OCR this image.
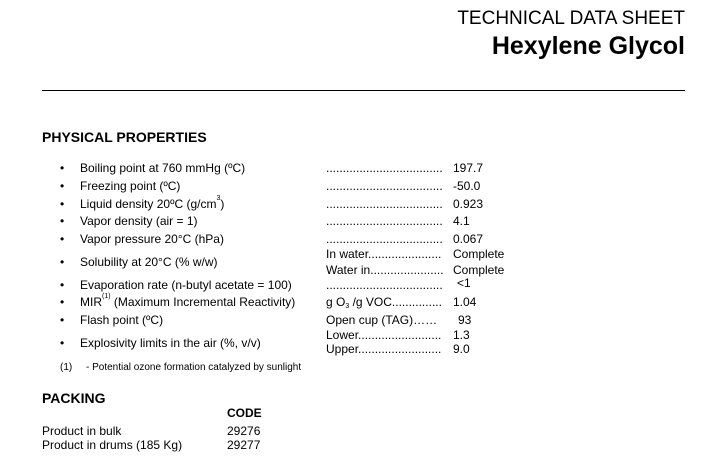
TECHNICAL DATA SHEET
Hexylene Glycol
PHYSICAL PROPERTIES
• Boiling point at 760 mmHg (ºC)	................................... 197.7
• Freezing point (ºC)	................................... -50.0
• Liquid density 20ºC $(g/cm^3)$	................................... 0.923
• Vapor density (air = 1)	................................... 4.1
• Vapor pressure 20°C (hPa)	................................... 0.067
• Solubility at 20°C (% w/w)
In water...................... Complete
Water in...................... Complete
• Evaporation rate (n-butyl acetate = 100)	................................... <1
• MIR$^{(1)}$ (Maximum Incremental Reactivity)	g $O_3$ /g VOC............... 1.04
• Flash point (ºC)	Open cup (TAG)…… 93
• Explosivity limits in the air (%, v/v)
Lower......................... 1.3
Upper......................... 9.0
(1) - Potential ozone formation catalyzed by sunlight
PACKING
CODE
Product in bulk	29276
Product in drums (185 Kg)	29277
